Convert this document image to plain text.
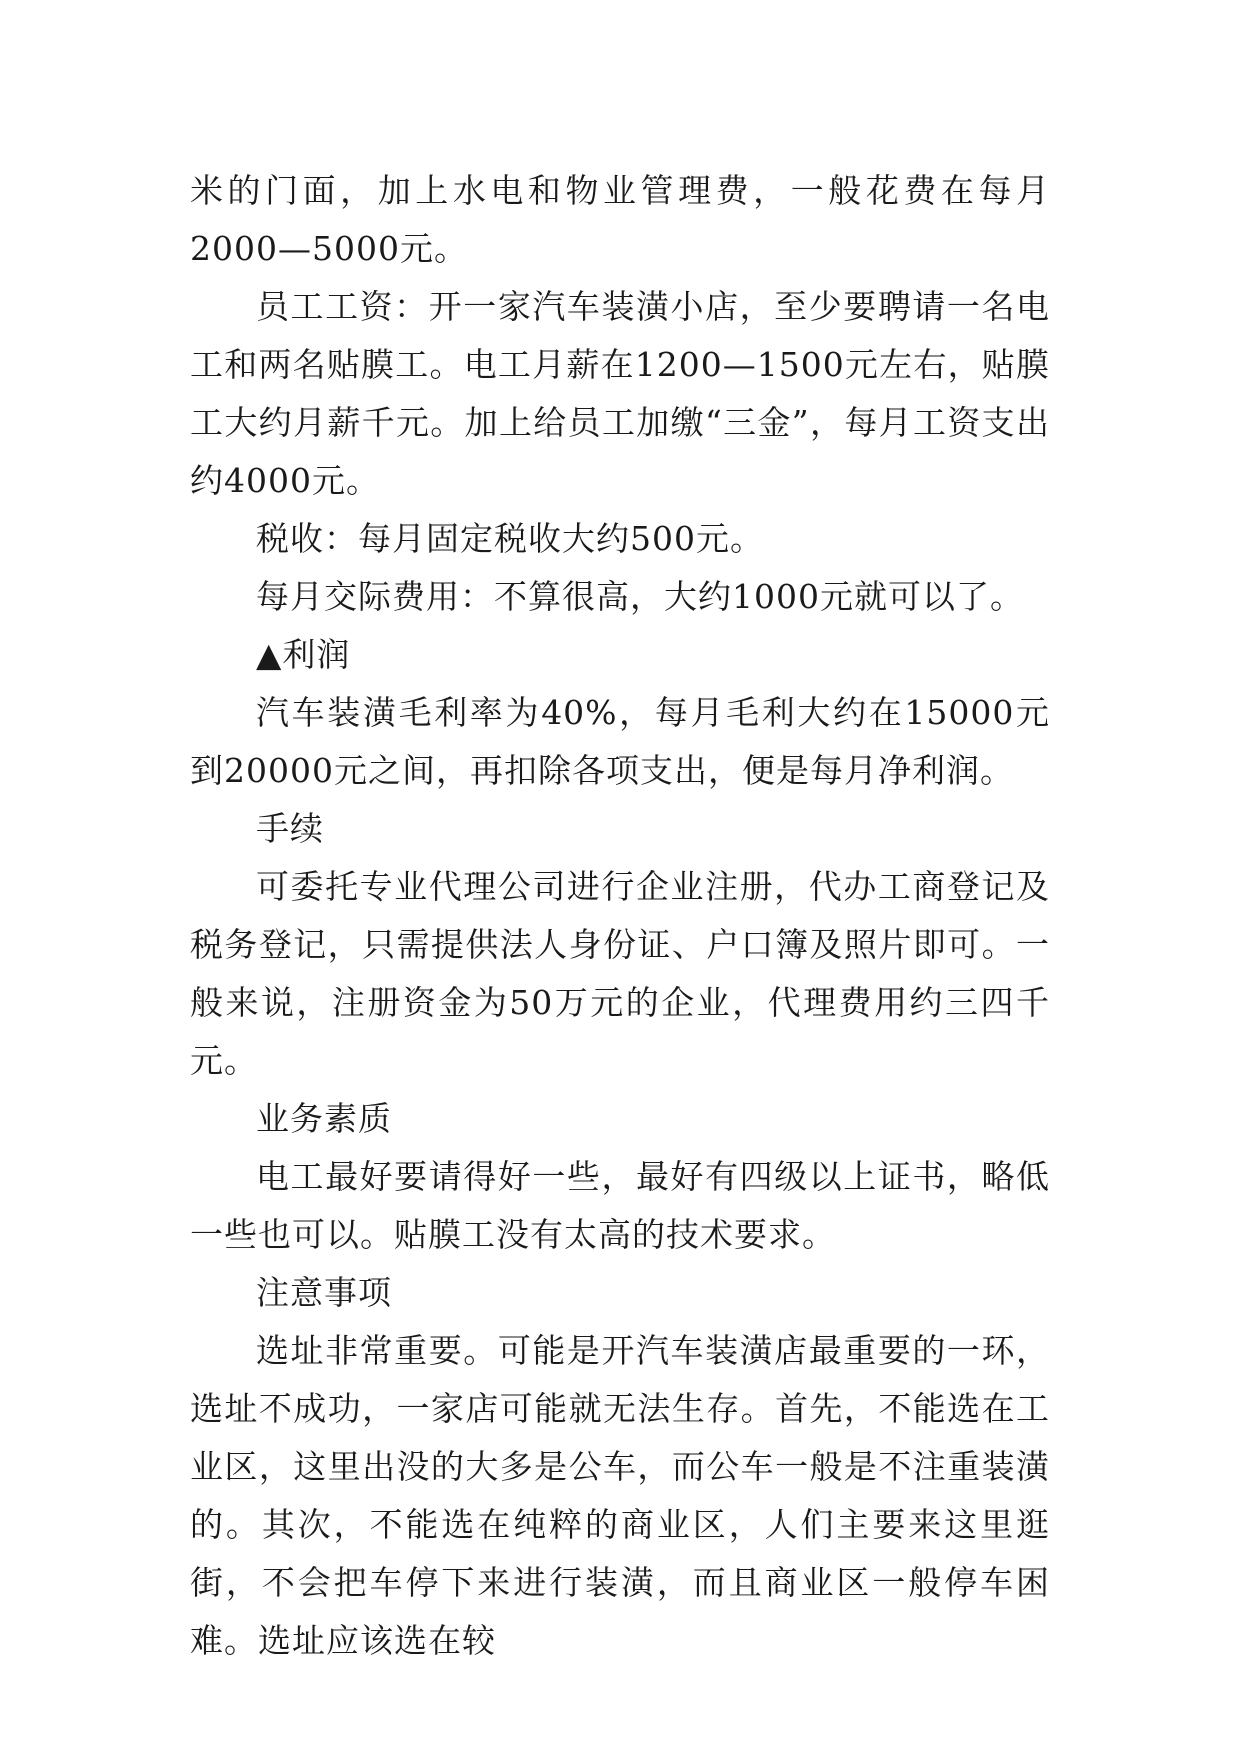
米的门面，加上水电和物业管理费，一般花费在每月2000—5000元。

员工工资：开一家汽车装潢小店，至少要聘请一名电工和两名贴膜工。电工月薪在1200—1500元左右，贴膜工大约月薪千元。加上给员工加缴“三金”，每月工资支出约4000元。

税收：每月固定税收大约500元。

每月交际费用：不算很高，大约1000元就可以了。

▲利润

汽车装潢毛利率为40%，每月毛利大约在15000元到20000元之间，再扣除各项支出，便是每月净利润。

手续

可委托专业代理公司进行企业注册，代办工商登记及税务登记，只需提供法人身份证、户口簿及照片即可。一般来说，注册资金为50万元的企业，代理费用约三四千元。

业务素质

电工最好要请得好一些，最好有四级以上证书，略低一些也可以。贴膜工没有太高的技术要求。

注意事项

选址非常重要。可能是开汽车装潢店最重要的一环，选址不成功，一家店可能就无法生存。首先，不能选在工业区，这里出没的大多是公车，而公车一般是不注重装潢的。其次，不能选在纯粹的商业区，人们主要来这里逛街，不会把车停下来进行装潢，而且商业区一般停车困难。选址应该选在较
